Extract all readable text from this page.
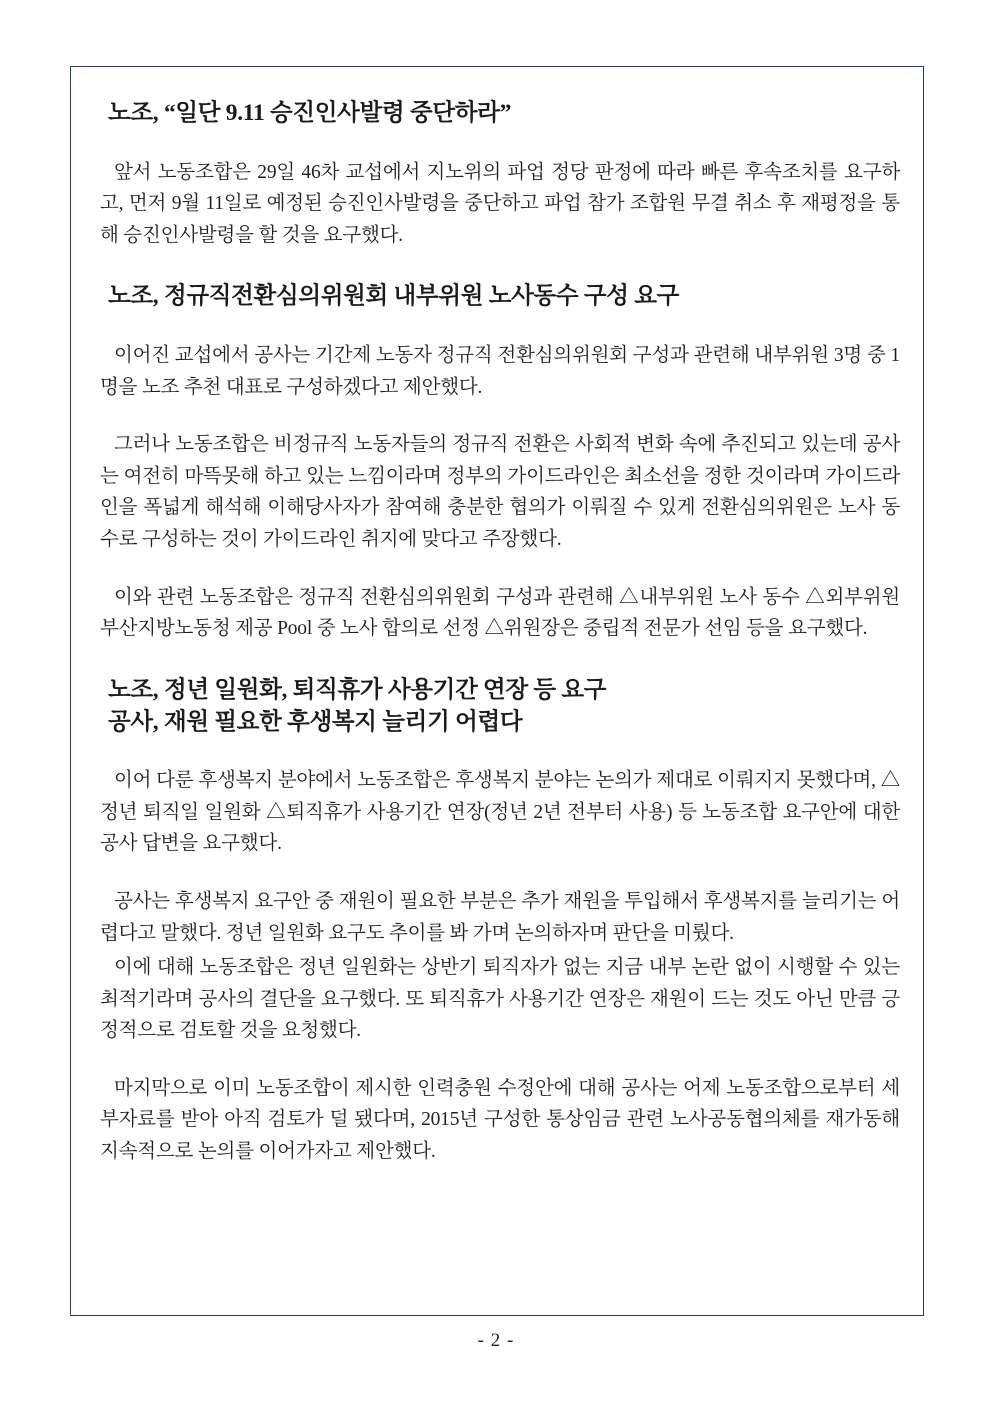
노조, “일단 9.11 승진인사발령 중단하라”

앞서 노동조합은 29일 46차 교섭에서 지노위의 파업 정당 판정에 따라 빠른 후속조치를 요구하고, 먼저 9월 11일로 예정된 승진인사발령을 중단하고 파업 참가 조합원 무결 취소 후 재평정을 통해 승진인사발령을 할 것을 요구했다.

노조, 정규직전환심의위원회 내부위원 노사동수 구성 요구

이어진 교섭에서 공사는 기간제 노동자 정규직 전환심의위원회 구성과 관련해 내부위원 3명 중 1명을 노조 추천 대표로 구성하겠다고 제안했다.

그러나 노동조합은 비정규직 노동자들의 정규직 전환은 사회적 변화 속에 추진되고 있는데 공사는 여전히 마뜩못해 하고 있는 느낌이라며 정부의 가이드라인은 최소선을 정한 것이라며 가이드라인을 폭넓게 해석해 이해당사자가 참여해 충분한 협의가 이뤄질 수 있게 전환심의위원은 노사 동수로 구성하는 것이 가이드라인 취지에 맞다고 주장했다.

이와 관련 노동조합은 정규직 전환심의위원회 구성과 관련해 △내부위원 노사 동수 △외부위원 부산지방노동청 제공 Pool 중 노사 합의로 선정 △위원장은 중립적 전문가 선임 등을 요구했다.

노조, 정년 일원화, 퇴직휴가 사용기간 연장 등 요구
공사, 재원 필요한 후생복지 늘리기 어렵다

이어 다룬 후생복지 분야에서 노동조합은 후생복지 분야는 논의가 제대로 이뤄지지 못했다며, △정년 퇴직일 일원화 △퇴직휴가 사용기간 연장(정년 2년 전부터 사용) 등 노동조합 요구안에 대한 공사 답변을 요구했다.

공사는 후생복지 요구안 중 재원이 필요한 부분은 추가 재원을 투입해서 후생복지를 늘리기는 어렵다고 말했다. 정년 일원화 요구도 추이를 봐 가며 논의하자며 판단을 미뤘다.

이에 대해 노동조합은 정년 일원화는 상반기 퇴직자가 없는 지금 내부 논란 없이 시행할 수 있는 최적기라며 공사의 결단을 요구했다. 또 퇴직휴가 사용기간 연장은 재원이 드는 것도 아닌 만큼 긍정적으로 검토할 것을 요청했다.

마지막으로 이미 노동조합이 제시한 인력충원 수정안에 대해 공사는 어제 노동조합으로부터 세부자료를 받아 아직 검토가 덜 됐다며, 2015년 구성한 통상임금 관련 노사공동협의체를 재가동해 지속적으로 논의를 이어가자고 제안했다.

- 2 -
